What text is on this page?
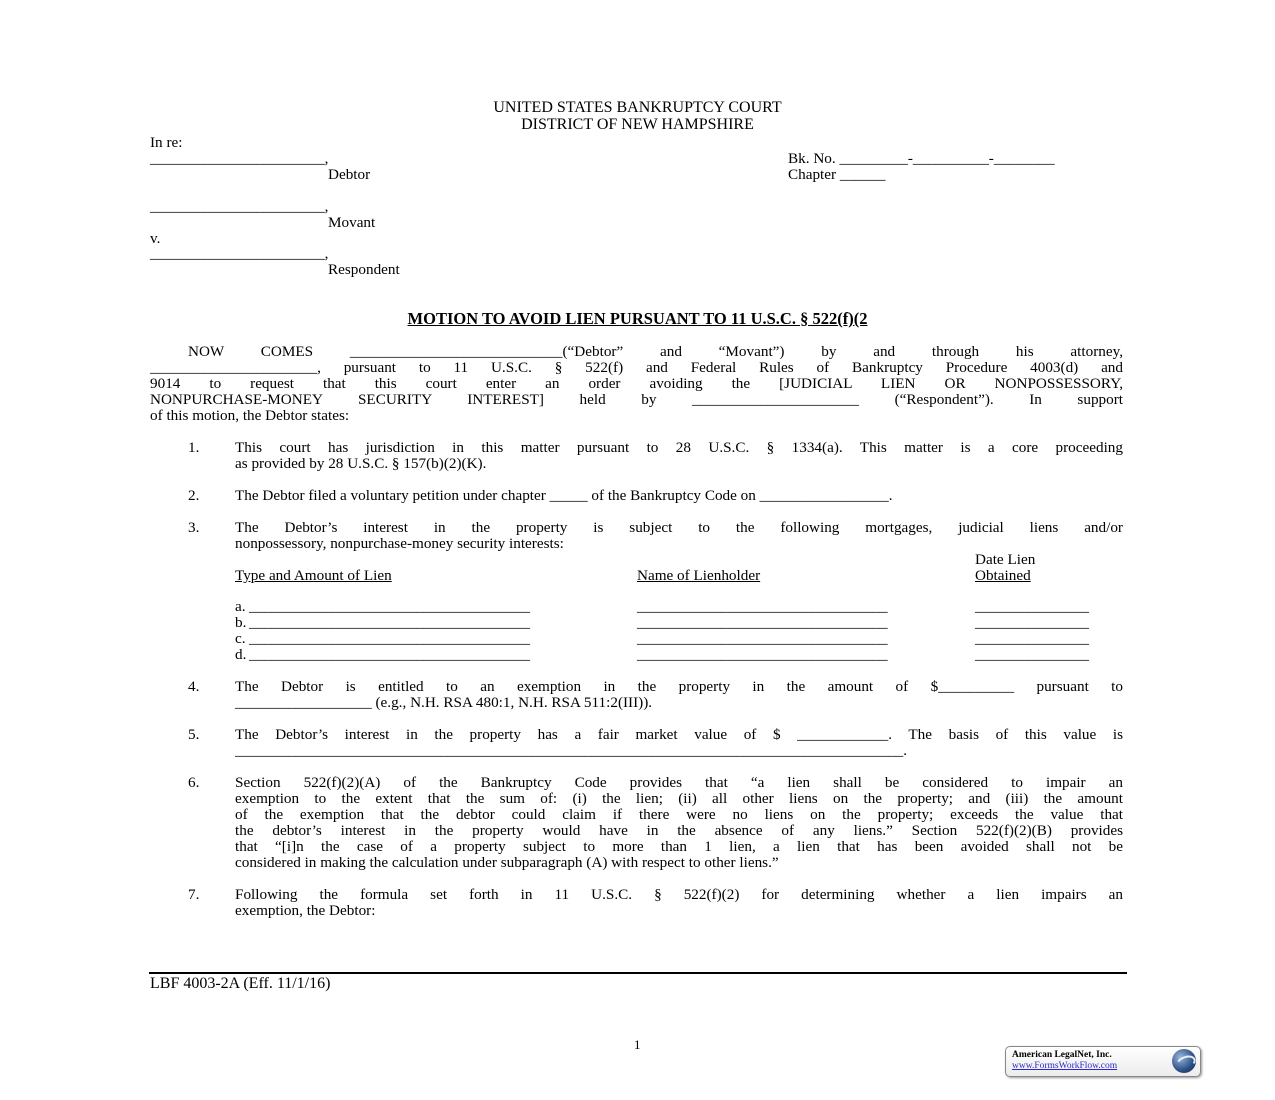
UNITED STATES BANKRUPTCY COURT
DISTRICT OF NEW HAMPSHIRE
In re:
_______________________,
Debtor
_______________________,
Movant
v.
_______________________,
Respondent
Bk. No. _________-__________-________
Chapter ______
MOTION TO AVOID LIEN PURSUANT TO 11 U.S.C. § 522(f)(2
NOW COMES ____________________________(“Debtor” and “Movant”) by and through his attorney,
______________________, pursuant to 11 U.S.C. § 522(f) and Federal Rules of Bankruptcy Procedure 4003(d) and
9014 to request that this court enter an order avoiding the [JUDICIAL LIEN OR NONPOSSESSORY,
NONPURCHASE-MONEY SECURITY INTEREST] held by ______________________ (“Respondent”). In support
of this motion, the Debtor states:
1.	This court has jurisdiction in this matter pursuant to 28 U.S.C. § 1334(a). This matter is a core proceeding
as provided by 28 U.S.C. § 157(b)(2)(K).
2.	The Debtor filed a voluntary petition under chapter _____ of the Bankruptcy Code on _________________.
3.	The Debtor’s interest in the property is subject to the following mortgages, judicial liens and/or
nonpossessory, nonpurchase-money security interests:
Date Lien
Type and Amount of Lien	Name of Lienholder	Obtained
a. _____________________________________	_________________________________	_______________
b. _____________________________________	_________________________________	_______________
c. _____________________________________	_________________________________	_______________
d. _____________________________________	_________________________________	_______________
4.	The Debtor is entitled to an exemption in the property in the amount of $__________ pursuant to
__________________ (e.g., N.H. RSA 480:1, N.H. RSA 511:2(III)).
5.	The Debtor’s interest in the property has a fair market value of $ ____________. The basis of this value is
________________________________________________________________________________________.
6.	Section 522(f)(2)(A) of the Bankruptcy Code provides that “a lien shall be considered to impair an
exemption to the extent that the sum of: (i) the lien; (ii) all other liens on the property; and (iii) the amount
of the exemption that the debtor could claim if there were no liens on the property; exceeds the value that
the debtor’s interest in the property would have in the absence of any liens.” Section 522(f)(2)(B) provides
that “[i]n the case of a property subject to more than 1 lien, a lien that has been avoided shall not be
considered in making the calculation under subparagraph (A) with respect to other liens.”
7.	Following the formula set forth in 11 U.S.C. § 522(f)(2) for determining whether a lien impairs an
exemption, the Debtor:
LBF 4003-2A (Eff. 11/1/16)
1
American LegalNet, Inc.
www.FormsWorkFlow.com
